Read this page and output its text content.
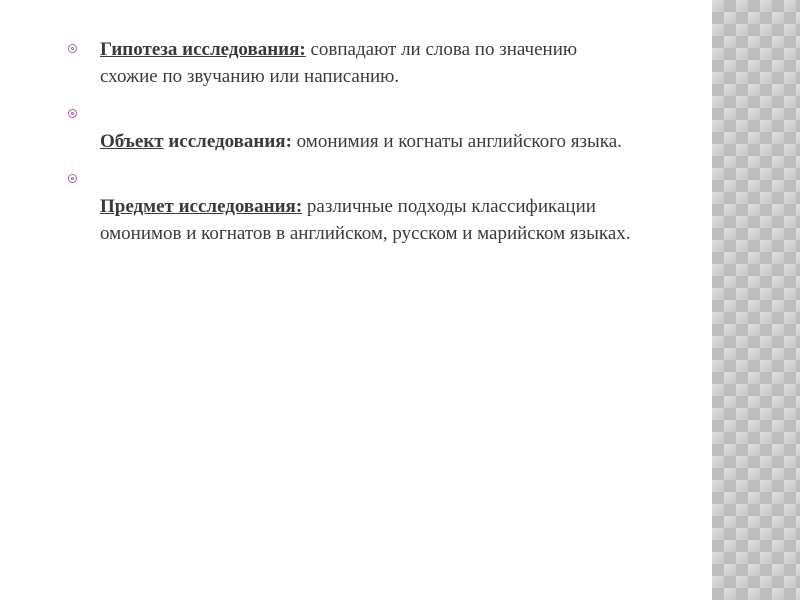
Гипотеза исследования: совпадают ли слова по значению схожие по звучанию или написанию.
Объект исследования: омонимия и когнаты английского языка.
Предмет исследования: различные подходы классификации омонимов и когнатов в английском, русском и марийском языках.
